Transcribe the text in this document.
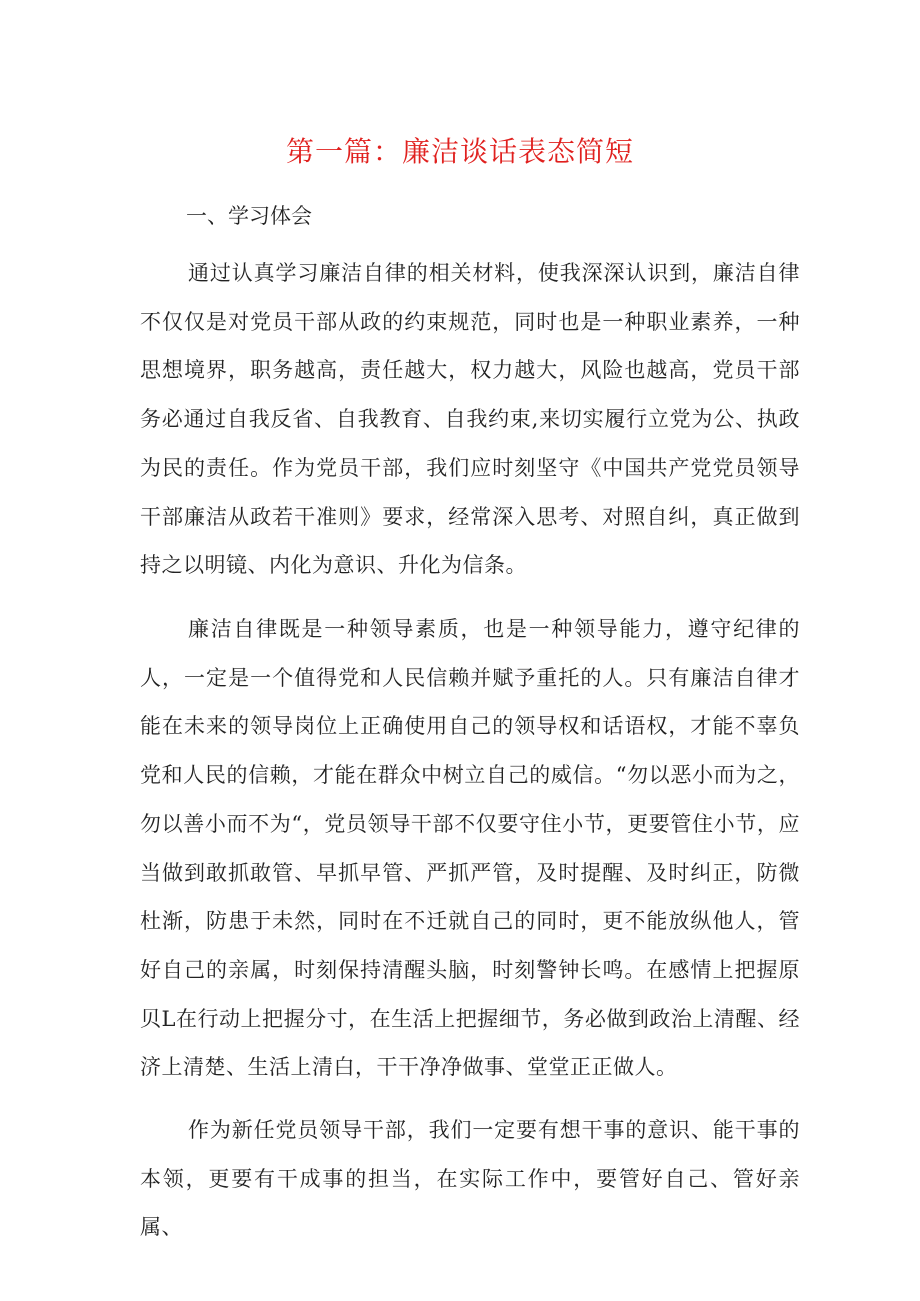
第一篇：廉洁谈话表态简短
一、学习体会

通过认真学习廉洁自律的相关材料，使我深深认识到，廉洁自律不仅仅是对党员干部从政的约束规范，同时也是一种职业素养，一种思想境界，职务越高，责任越大，权力越大，风险也越高，党员干部务必通过自我反省、自我教育、自我约束,来切实履行立党为公、执政为民的责任。作为党员干部，我们应时刻坚守《中国共产党党员领导干部廉洁从政若干准则》要求，经常深入思考、对照自纠，真正做到持之以明镜、内化为意识、升化为信条。

廉洁自律既是一种领导素质，也是一种领导能力，遵守纪律的人，一定是一个值得党和人民信赖并赋予重托的人。只有廉洁自律才能在未来的领导岗位上正确使用自己的领导权和话语权，才能不辜负党和人民的信赖，才能在群众中树立自己的威信。“勿以恶小而为之，勿以善小而不为“，党员领导干部不仅要守住小节，更要管住小节，应当做到敢抓敢管、早抓早管、严抓严管，及时提醒、及时纠正，防微杜渐，防患于未然，同时在不迁就自己的同时，更不能放纵他人，管好自己的亲属，时刻保持清醒头脑，时刻警钟长鸣。在感情上把握原贝L在行动上把握分寸，在生活上把握细节，务必做到政治上清醒、经济上清楚、生活上清白，干干净净做事、堂堂正正做人。

作为新任党员领导干部，我们一定要有想干事的意识、能干事的本领，更要有干成事的担当，在实际工作中，要管好自己、管好亲属、
